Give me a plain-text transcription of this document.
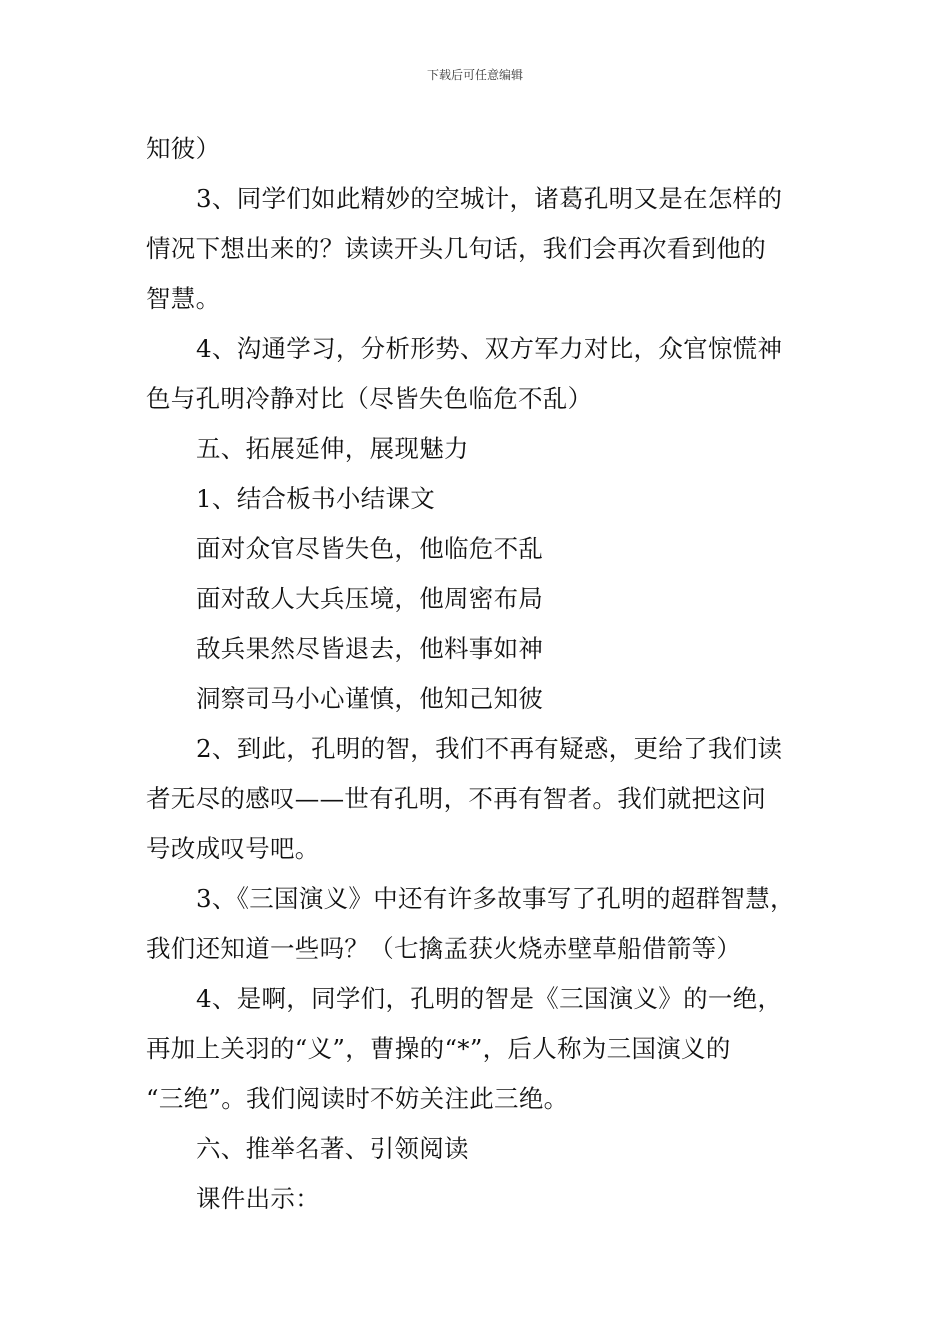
下载后可任意编辑
知彼）
3、同学们如此精妙的空城计，诸葛孔明又是在怎样的
情况下想出来的？读读开头几句话，我们会再次看到他的
智慧。
4、沟通学习，分析形势、双方军力对比，众官惊慌神
色与孔明冷静对比（尽皆失色临危不乱）
五、拓展延伸，展现魅力
1、结合板书小结课文
面对众官尽皆失色，他临危不乱
面对敌人大兵压境，他周密布局
敌兵果然尽皆退去，他料事如神
洞察司马小心谨慎，他知己知彼
2、到此，孔明的智，我们不再有疑惑，更给了我们读
者无尽的感叹——世有孔明，不再有智者。我们就把这问
号改成叹号吧。
3、《三国演义》中还有许多故事写了孔明的超群智慧，
我们还知道一些吗？（七擒孟获火烧赤壁草船借箭等）
4、是啊，同学们，孔明的智是《三国演义》的一绝，
再加上关羽的“义”，曹操的“*”，后人称为三国演义的
“三绝”。我们阅读时不妨关注此三绝。
六、推举名著、引领阅读
课件出示：
